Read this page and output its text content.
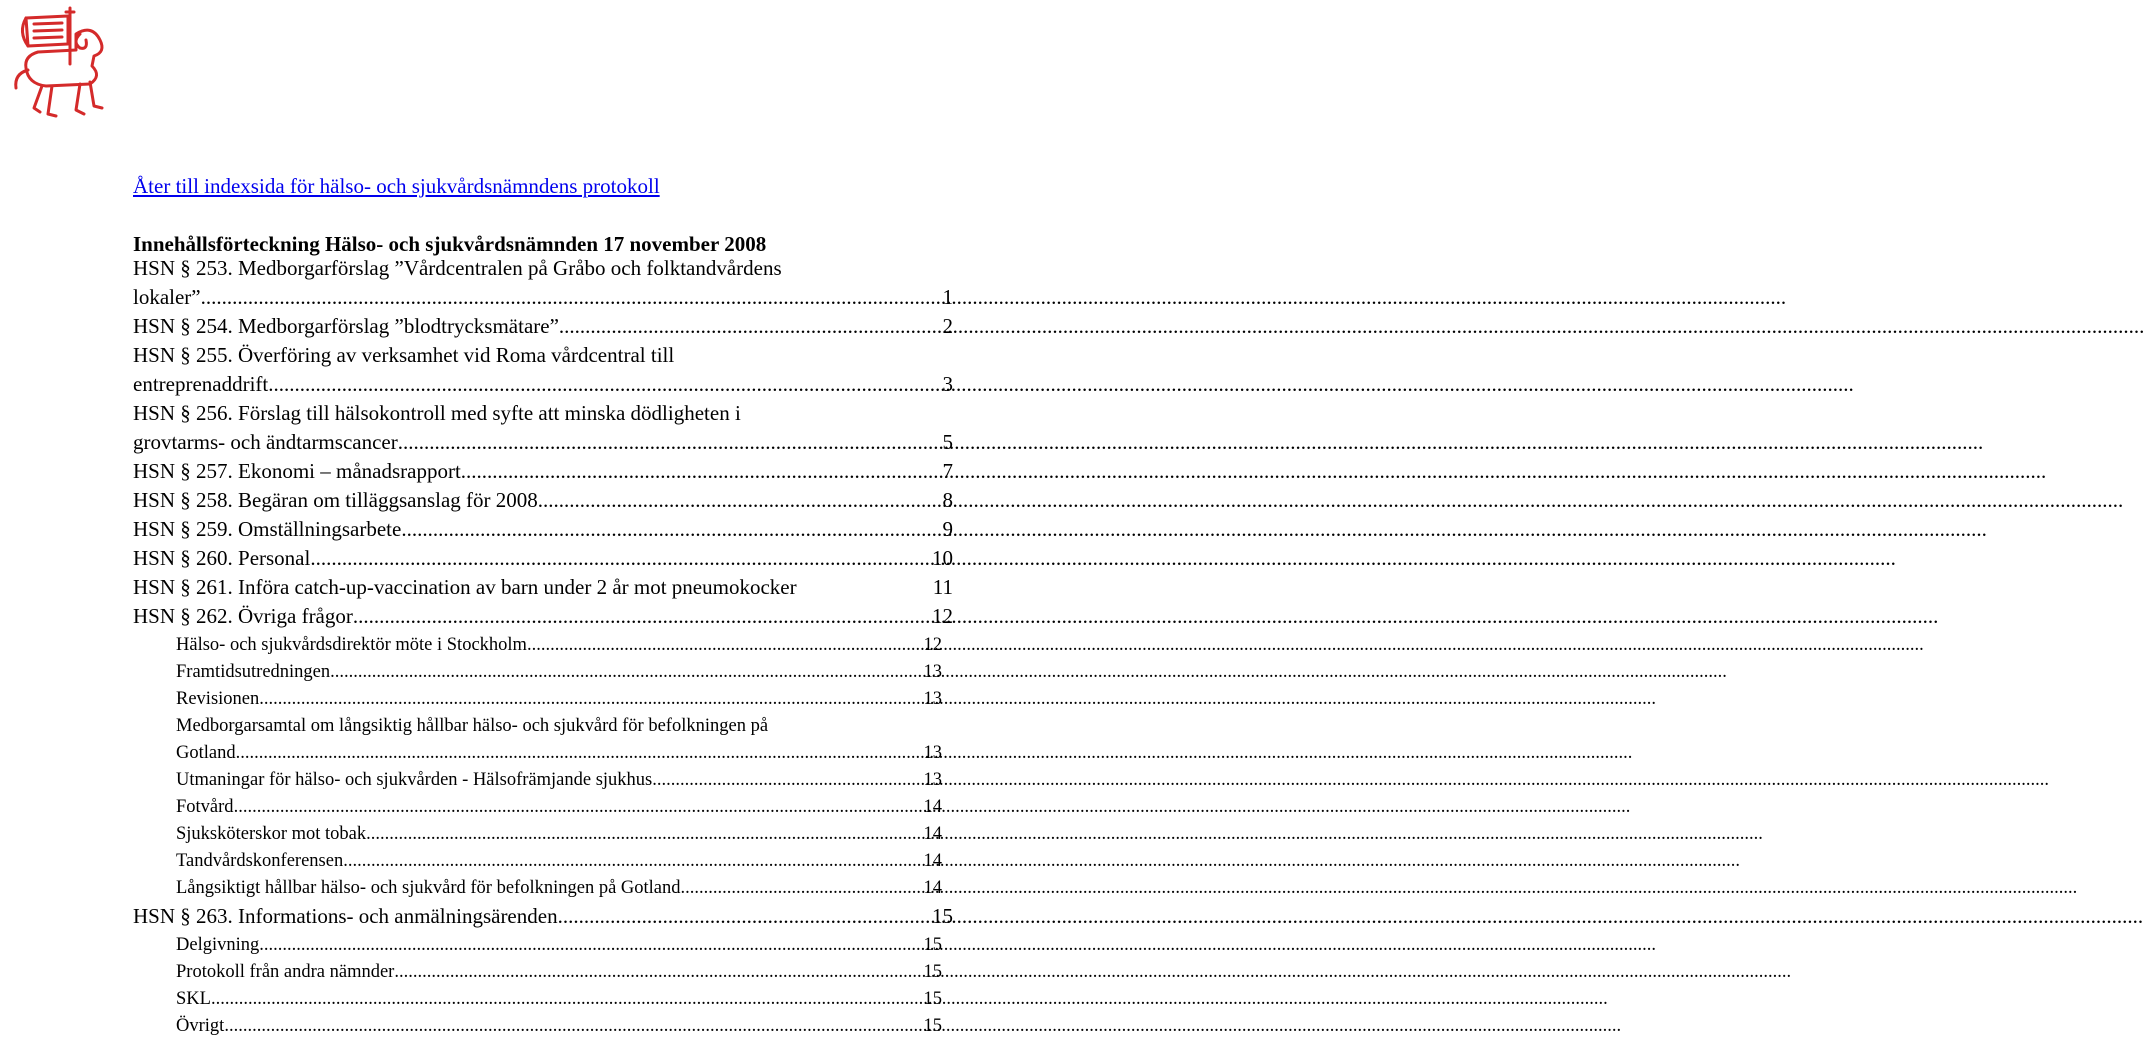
Åter till indexsida för hälso- och sjukvårdsnämndens protokoll
Innehållsförteckning Hälso- och sjukvårdsnämnden 17 november 2008
HSN § 253. Medborgarförslag ”Vårdcentralen på Gråbo och folktandvårdens
lokaler” .....	1
HSN § 254. Medborgarförslag ”blodtrycksmätare” .....	2
HSN § 255. Överföring av verksamhet vid Roma vårdcentral till
entreprenaddrift .....	3
HSN § 256. Förslag till hälsokontroll med syfte att minska dödligheten i
grovtarms- och ändtarmscancer .....	5
HSN § 257. Ekonomi – månadsrapport .....	7
HSN § 258. Begäran om tilläggsanslag för 2008 .....	8
HSN § 259. Omställningsarbete .....	9
HSN § 260. Personal .....	10
HSN § 261. Införa catch-up-vaccination av barn under 2 år mot pneumokocker	11
HSN § 262. Övriga frågor .....	12
Hälso- och sjukvårdsdirektör möte i Stockholm .....	12
Framtidsutredningen .....	13
Revisionen .....	13
Medborgarsamtal om långsiktig hållbar hälso- och sjukvård för befolkningen på
Gotland .....	13
Utmaningar för hälso- och sjukvården - Hälsofrämjande sjukhus .....	13
Fotvård .....	14
Sjuksköterskor mot tobak .....	14
Tandvårdskonferensen .....	14
Långsiktigt hållbar hälso- och sjukvård för befolkningen på Gotland .....	14
HSN § 263. Informations- och anmälningsärenden .....	15
Delgivning .....	15
Protokoll från andra nämnder .....	15
SKL .....	15
Övrigt .....	15
